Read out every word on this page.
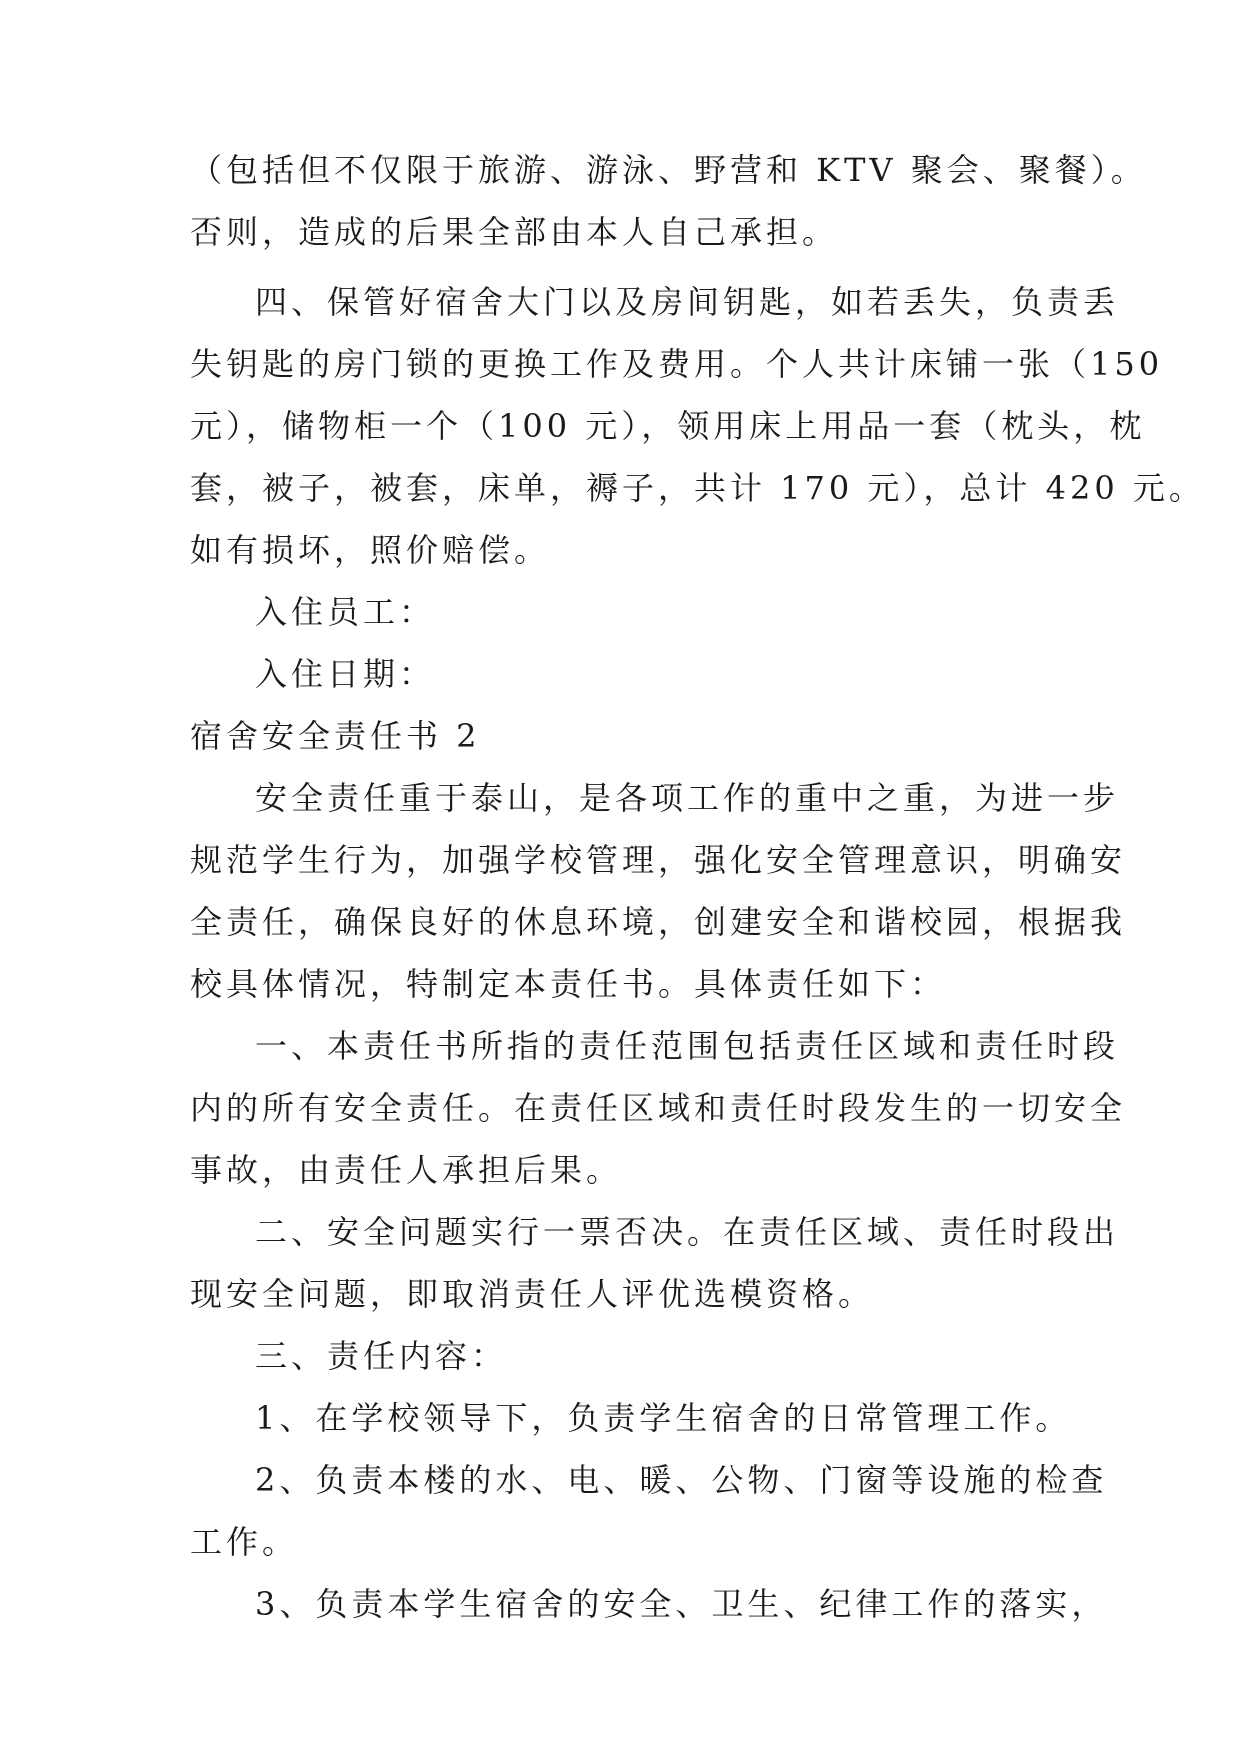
（包括但不仅限于旅游、游泳、野营和 KTV 聚会、聚餐）。
否则，造成的后果全部由本人自己承担。
四、保管好宿舍大门以及房间钥匙，如若丢失，负责丢
失钥匙的房门锁的更换工作及费用。个人共计床铺一张（150
元），储物柜一个（100 元），领用床上用品一套（枕头，枕
套，被子，被套，床单，褥子，共计 170 元），总计 420 元。
如有损坏，照价赔偿。
入住员工：
入住日期：
宿舍安全责任书 2
安全责任重于泰山，是各项工作的重中之重，为进一步
规范学生行为，加强学校管理，强化安全管理意识，明确安
全责任，确保良好的休息环境，创建安全和谐校园，根据我
校具体情况，特制定本责任书。具体责任如下：
一、本责任书所指的责任范围包括责任区域和责任时段
内的所有安全责任。在责任区域和责任时段发生的一切安全
事故，由责任人承担后果。
二、安全问题实行一票否决。在责任区域、责任时段出
现安全问题，即取消责任人评优选模资格。
三、责任内容：
1、在学校领导下，负责学生宿舍的日常管理工作。
2、负责本楼的水、电、暖、公物、门窗等设施的检查
工作。
3、负责本学生宿舍的安全、卫生、纪律工作的落实，
